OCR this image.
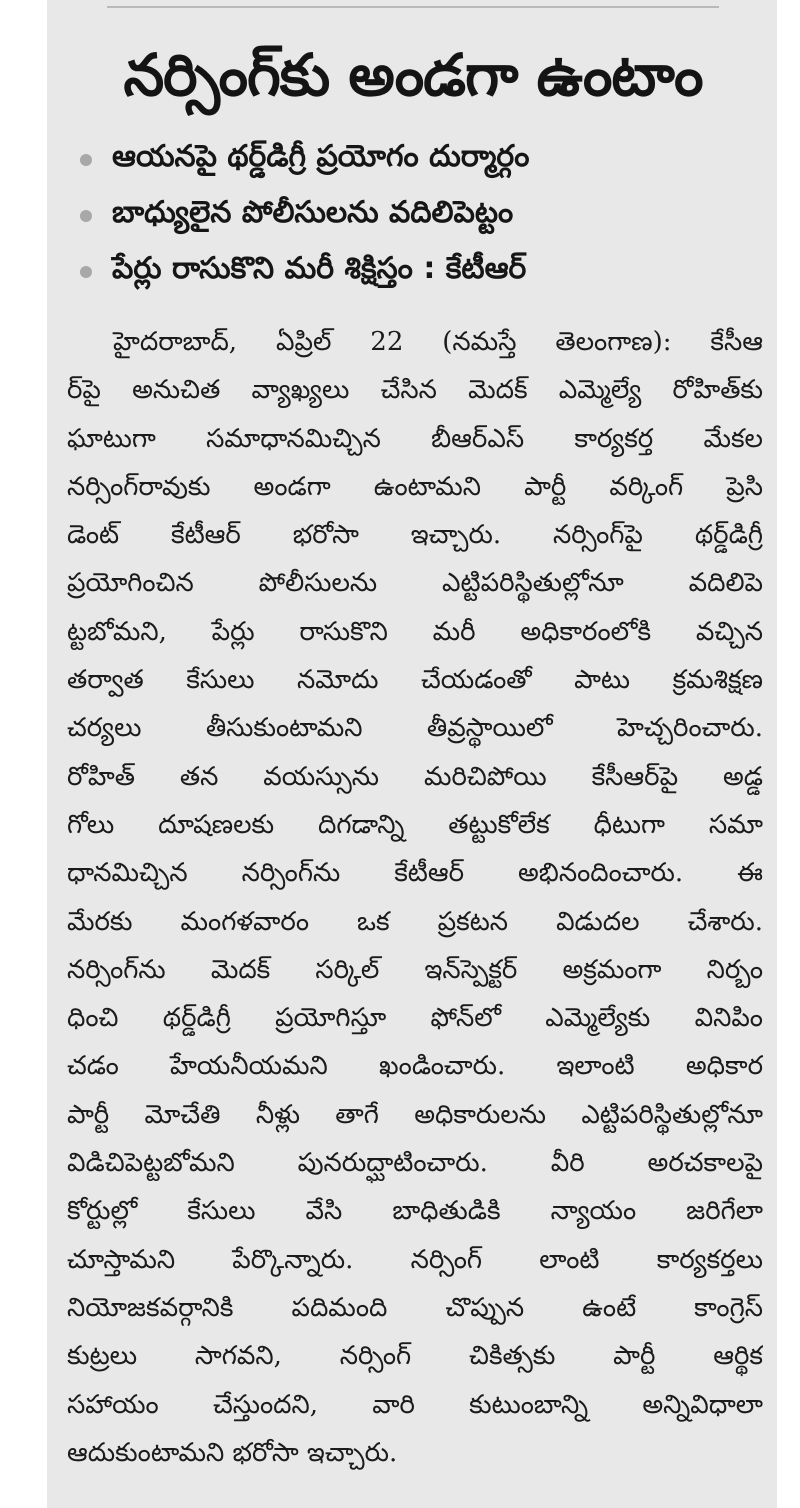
నర్సింగ్‌కు అండగా ఉంటాం
ఆయనపై థర్డ్‌డిగ్రీ ప్రయోగం దుర్మార్గం
బాధ్యులైన పోలీసులను వదిలిపెట్టం
పేర్లు రాసుకొని మరీ శిక్షిస్తం : కేటీఆర్
హైదరాబాద్, ఏప్రిల్ 22 (నమస్తే తెలంగాణ): కేసీఆ
ర్‌పై అనుచిత వ్యాఖ్యలు చేసిన మెదక్ ఎమ్మెల్యే రోహిత్‌కు
ఘాటుగా సమాధానమిచ్చిన బీఆర్‌ఎస్ కార్యకర్త మేకల
నర్సింగ్‌రావుకు అండగా ఉంటామని పార్టీ వర్కింగ్ ప్రెసి
డెంట్ కేటీఆర్ భరోసా ఇచ్చారు. నర్సింగ్‌పై థర్డ్‌డిగ్రీ
ప్రయోగించిన పోలీసులను ఎట్టిపరిస్థితుల్లోనూ వదిలిపె
ట్టబోమని, పేర్లు రాసుకొని మరీ అధికారంలోకి వచ్చిన
తర్వాత కేసులు నమోదు చేయడంతో పాటు క్రమశిక్షణ
చర్యలు తీసుకుంటామని తీవ్రస్థాయిలో హెచ్చరించారు.
రోహిత్ తన వయస్సును మరిచిపోయి కేసీఆర్‌పై అడ్డ
గోలు దూషణలకు దిగడాన్ని తట్టుకోలేక ధీటుగా సమా
ధానమిచ్చిన నర్సింగ్‌ను కేటీఆర్ అభినందించారు. ఈ
మేరకు మంగళవారం ఒక ప్రకటన విడుదల చేశారు.
నర్సింగ్‌ను మెదక్ సర్కిల్ ఇన్‌స్పెక్టర్ అక్రమంగా నిర్బం
ధించి థర్డ్‌డిగ్రీ ప్రయోగిస్తూ ఫోన్‌లో ఎమ్మెల్యేకు వినిపిం
చడం హేయనీయమని ఖండించారు. ఇలాంటి అధికార
పార్టీ మోచేతి నీళ్లు తాగే అధికారులను ఎట్టిపరిస్థితుల్లోనూ
విడిచిపెట్టబోమని పునరుద్ఘాటించారు. వీరి అరచకాలపై
కోర్టుల్లో కేసులు వేసి బాధితుడికి న్యాయం జరిగేలా
చూస్తామని పేర్కొన్నారు. నర్సింగ్ లాంటి కార్యకర్తలు
నియోజకవర్గానికి పదిమంది చొప్పున ఉంటే కాంగ్రెస్
కుట్రలు సాగవని, నర్సింగ్ చికిత్సకు పార్టీ ఆర్థిక
సహాయం చేస్తుందని, వారి కుటుంబాన్ని అన్నివిధాలా
ఆదుకుంటామని భరోసా ఇచ్చారు.
